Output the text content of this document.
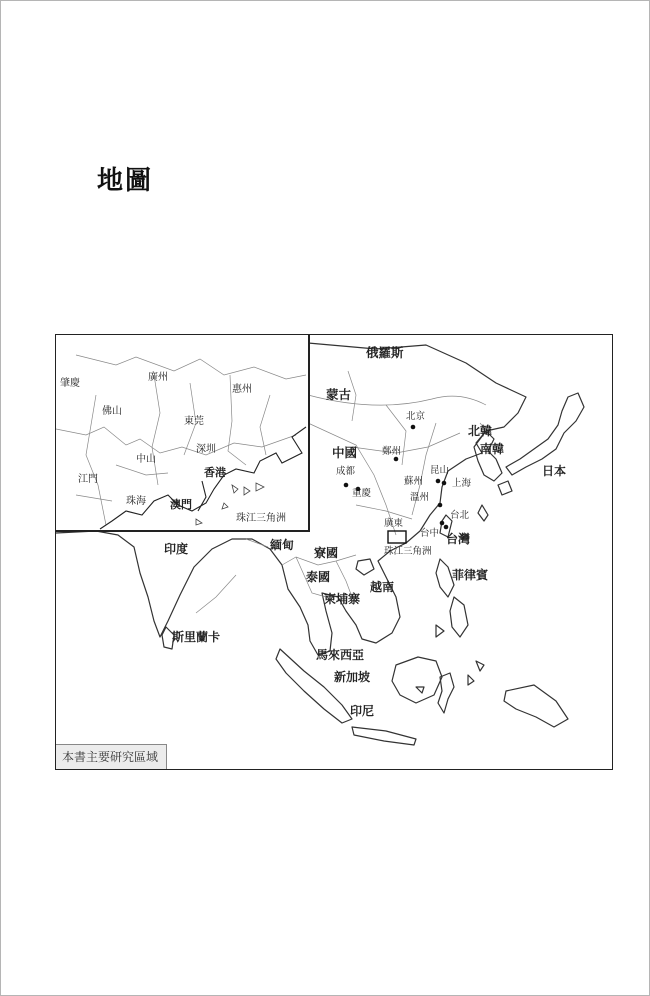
地圖
肇慶
廣州
惠州
佛山
東莞
深圳
中山
香港
江門
珠海 澳門
珠江三角洲
俄羅斯
蒙古
北京
北韓
南韓
中國	鄭州
日本
成都	昆山
蘇州	上海
重慶	溫州
台北
廣東
台中 台灣
珠江三角洲
緬甸
印度	寮國
泰國
越南
菲律賓
柬埔寨
斯里蘭卡
馬來西亞
新加坡
印尼
本書主要研究區域
